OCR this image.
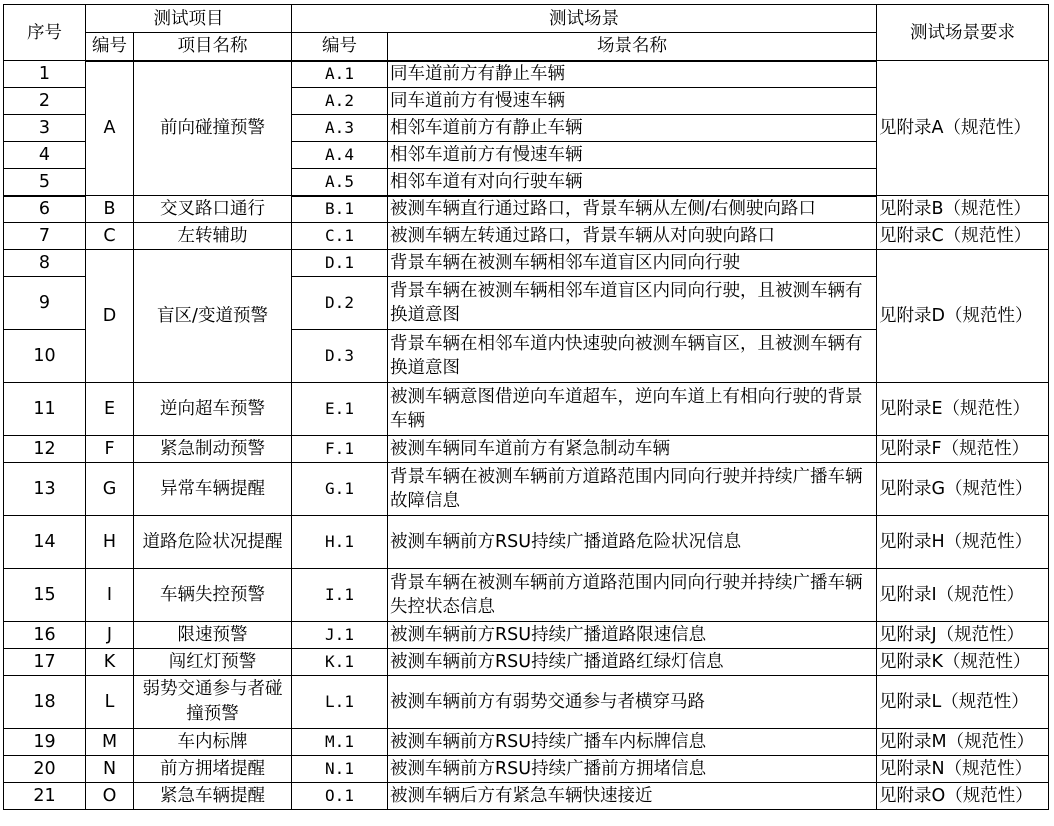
序号	测试项目		测试场景		测试场景要求
	编号	项目名称	编号	场景名称	
1	A	前向碰撞预警	A.1	同车道前方有静止车辆	见附录A（规范性）
2			A.2	同车道前方有慢速车辆	
3			A.3	相邻车道前方有静止车辆	
4			A.4	相邻车道前方有慢速车辆	
5			A.5	相邻车道有对向行驶车辆	
6	B	交叉路口通行	B.1	被测车辆直行通过路口，背景车辆从左侧/右侧驶向路口	见附录B（规范性）
7	C	左转辅助	C.1	被测车辆左转通过路口，背景车辆从对向驶向路口	见附录C（规范性）
8	D	盲区/变道预警	D.1	背景车辆在被测车辆相邻车道盲区内同向行驶	见附录D（规范性）
9			D.2	背景车辆在被测车辆相邻车道盲区内同向行驶，且被测车辆有换道意图	
10			D.3	背景车辆在相邻车道内快速驶向被测车辆盲区，且被测车辆有换道意图	
11	E	逆向超车预警	E.1	被测车辆意图借逆向车道超车，逆向车道上有相向行驶的背景车辆	见附录E（规范性）
12	F	紧急制动预警	F.1	被测车辆同车道前方有紧急制动车辆	见附录F（规范性）
13	G	异常车辆提醒	G.1	背景车辆在被测车辆前方道路范围内同向行驶并持续广播车辆故障信息	见附录G（规范性）
14	H	道路危险状况提醒	H.1	被测车辆前方RSU持续广播道路危险状况信息	见附录H（规范性）
15	I	车辆失控预警	I.1	背景车辆在被测车辆前方道路范围内同向行驶并持续广播车辆失控状态信息	见附录I（规范性）
16	J	限速预警	J.1	被测车辆前方RSU持续广播道路限速信息	见附录J（规范性）
17	K	闯红灯预警	K.1	被测车辆前方RSU持续广播道路红绿灯信息	见附录K（规范性）
18	L	弱势交通参与者碰撞预警	L.1	被测车辆前方有弱势交通参与者横穿马路	见附录L（规范性）
19	M	车内标牌	M.1	被测车辆前方RSU持续广播车内标牌信息	见附录M（规范性）
20	N	前方拥堵提醒	N.1	被测车辆前方RSU持续广播前方拥堵信息	见附录N（规范性）
21	O	紧急车辆提醒	O.1	被测车辆后方有紧急车辆快速接近	见附录O（规范性）
